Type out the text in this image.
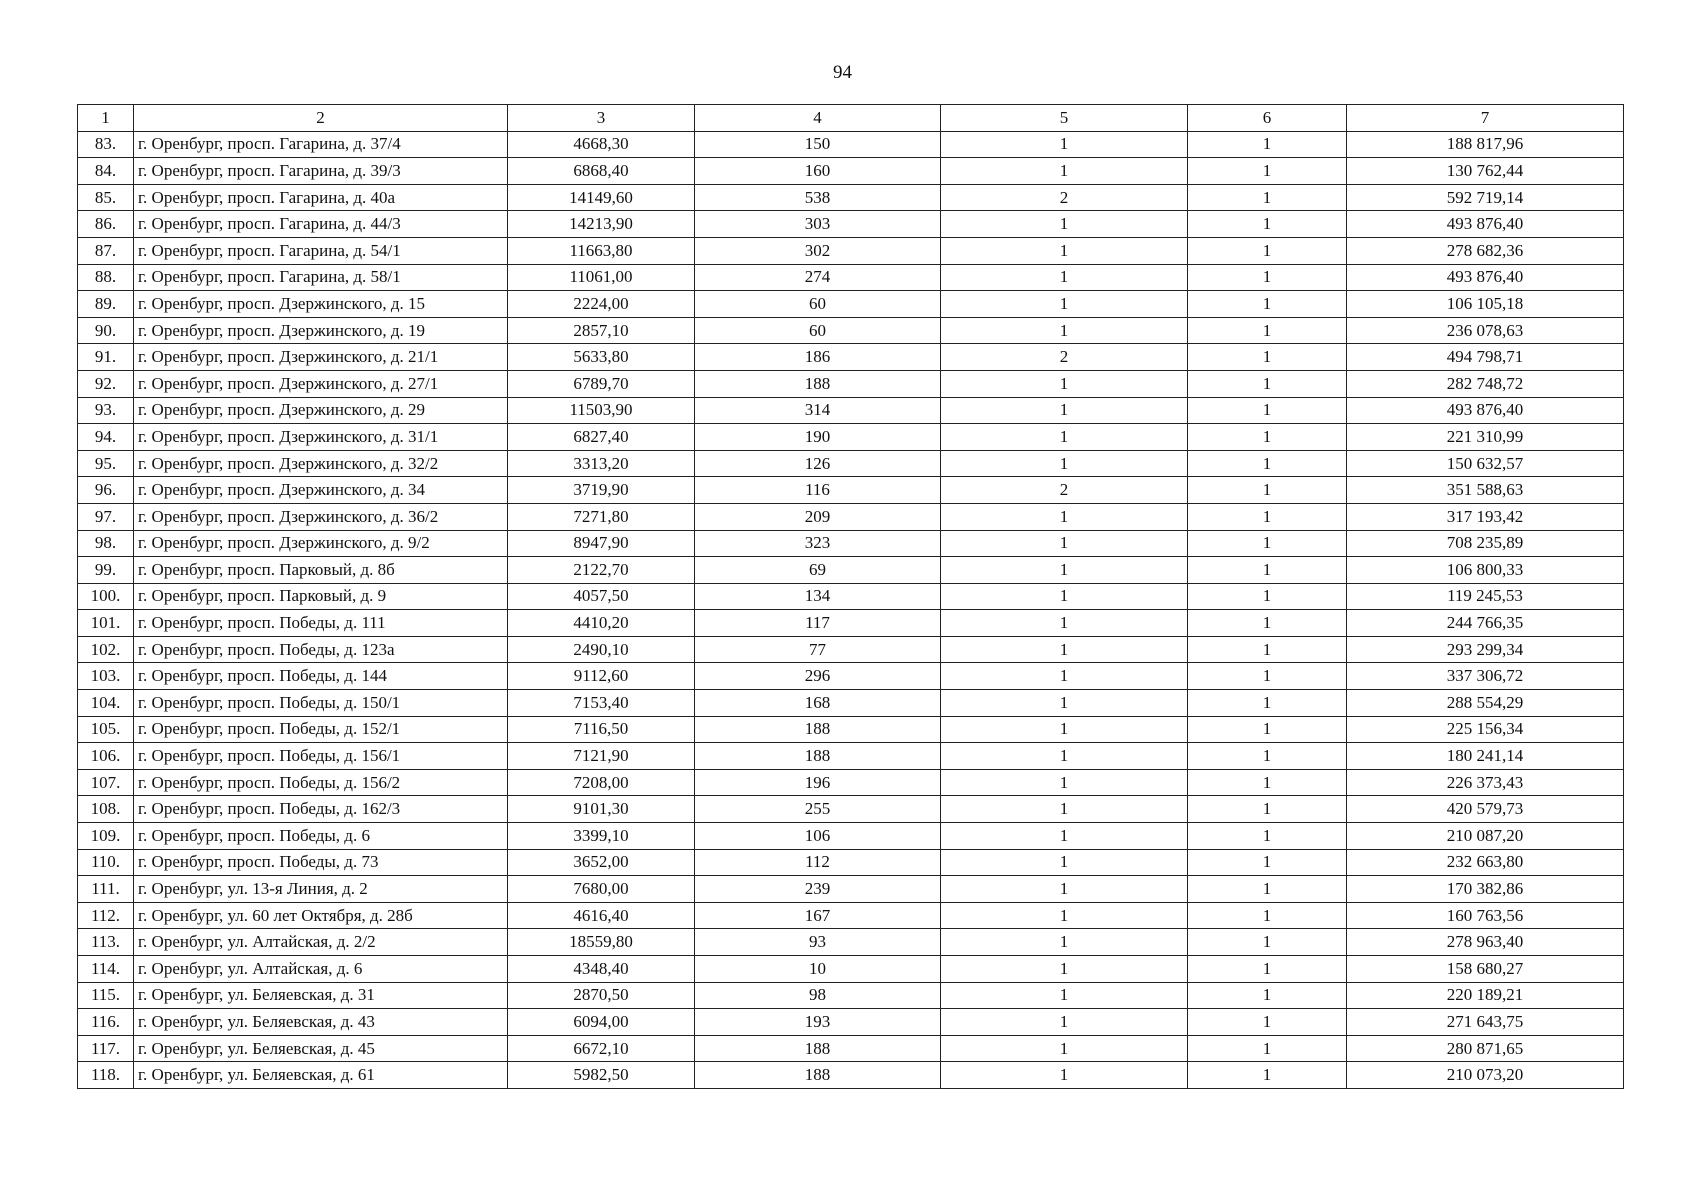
94
1	2	3	4	5	6	7
83.	г. Оренбург, просп. Гагарина, д. 37/4	4668,30	150	1	1	188 817,96
84.	г. Оренбург, просп. Гагарина, д. 39/3	6868,40	160	1	1	130 762,44
85.	г. Оренбург, просп. Гагарина, д. 40а	14149,60	538	2	1	592 719,14
86.	г. Оренбург, просп. Гагарина, д. 44/3	14213,90	303	1	1	493 876,40
87.	г. Оренбург, просп. Гагарина, д. 54/1	11663,80	302	1	1	278 682,36
88.	г. Оренбург, просп. Гагарина, д. 58/1	11061,00	274	1	1	493 876,40
89.	г. Оренбург, просп. Дзержинского, д. 15	2224,00	60	1	1	106 105,18
90.	г. Оренбург, просп. Дзержинского, д. 19	2857,10	60	1	1	236 078,63
91.	г. Оренбург, просп. Дзержинского, д. 21/1	5633,80	186	2	1	494 798,71
92.	г. Оренбург, просп. Дзержинского, д. 27/1	6789,70	188	1	1	282 748,72
93.	г. Оренбург, просп. Дзержинского, д. 29	11503,90	314	1	1	493 876,40
94.	г. Оренбург, просп. Дзержинского, д. 31/1	6827,40	190	1	1	221 310,99
95.	г. Оренбург, просп. Дзержинского, д. 32/2	3313,20	126	1	1	150 632,57
96.	г. Оренбург, просп. Дзержинского, д. 34	3719,90	116	2	1	351 588,63
97.	г. Оренбург, просп. Дзержинского, д. 36/2	7271,80	209	1	1	317 193,42
98.	г. Оренбург, просп. Дзержинского, д. 9/2	8947,90	323	1	1	708 235,89
99.	г. Оренбург, просп. Парковый, д. 8б	2122,70	69	1	1	106 800,33
100.	г. Оренбург, просп. Парковый, д. 9	4057,50	134	1	1	119 245,53
101.	г. Оренбург, просп. Победы, д. 111	4410,20	117	1	1	244 766,35
102.	г. Оренбург, просп. Победы, д. 123а	2490,10	77	1	1	293 299,34
103.	г. Оренбург, просп. Победы, д. 144	9112,60	296	1	1	337 306,72
104.	г. Оренбург, просп. Победы, д. 150/1	7153,40	168	1	1	288 554,29
105.	г. Оренбург, просп. Победы, д. 152/1	7116,50	188	1	1	225 156,34
106.	г. Оренбург, просп. Победы, д. 156/1	7121,90	188	1	1	180 241,14
107.	г. Оренбург, просп. Победы, д. 156/2	7208,00	196	1	1	226 373,43
108.	г. Оренбург, просп. Победы, д. 162/3	9101,30	255	1	1	420 579,73
109.	г. Оренбург, просп. Победы, д. 6	3399,10	106	1	1	210 087,20
110.	г. Оренбург, просп. Победы, д. 73	3652,00	112	1	1	232 663,80
111.	г. Оренбург, ул. 13-я Линия, д. 2	7680,00	239	1	1	170 382,86
112.	г. Оренбург, ул. 60 лет Октября, д. 28б	4616,40	167	1	1	160 763,56
113.	г. Оренбург, ул. Алтайская, д. 2/2	18559,80	93	1	1	278 963,40
114.	г. Оренбург, ул. Алтайская, д. 6	4348,40	10	1	1	158 680,27
115.	г. Оренбург, ул. Беляевская, д. 31	2870,50	98	1	1	220 189,21
116.	г. Оренбург, ул. Беляевская, д. 43	6094,00	193	1	1	271 643,75
117.	г. Оренбург, ул. Беляевская, д. 45	6672,10	188	1	1	280 871,65
118.	г. Оренбург, ул. Беляевская, д. 61	5982,50	188	1	1	210 073,20
